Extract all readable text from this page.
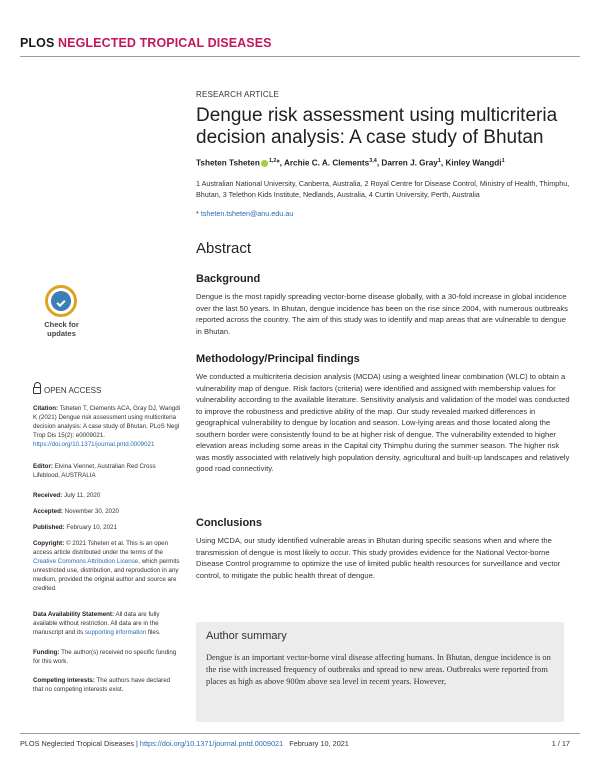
PLOS NEGLECTED TROPICAL DISEASES
RESEARCH ARTICLE
Dengue risk assessment using multicriteria decision analysis: A case study of Bhutan
Tsheten Tsheten $^{1,2}$*, Archie C. A. Clements$^{3,4}$, Darren J. Gray$^1$, Kinley Wangdi$^1$
1 Australian National University, Canberra, Australia, 2 Royal Centre for Disease Control, Ministry of Health, Thimphu, Bhutan, 3 Telethon Kids Institute, Nedlands, Australia, 4 Curtin University, Perth, Australia
* tsheten.tsheten@anu.edu.au
Abstract
Background
Dengue is the most rapidly spreading vector-borne disease globally, with a 30-fold increase in global incidence over the last 50 years. In Bhutan, dengue incidence has been on the rise since 2004, with numerous outbreaks reported across the country. The aim of this study was to identify and map areas that are vulnerable to dengue in Bhutan.
Methodology/Principal findings
We conducted a multicriteria decision analysis (MCDA) using a weighted linear combination (WLC) to obtain a vulnerability map of dengue. Risk factors (criteria) were identified and assigned with membership values for vulnerability according to the available literature. Sensitivity analysis and validation of the model was conducted to improve the robustness and predictive ability of the map. Our study revealed marked differences in geographical vulnerability to dengue by location and season. Low-lying areas and those located along the southern border were consistently found to be at higher risk of dengue. The vulnerability extended to higher elevation areas including some areas in the Capital city Thimphu during the summer season. The higher risk was mostly associated with relatively high population density, agricultural and built-up landscapes and relatively good road connectivity.
Conclusions
Using MCDA, our study identified vulnerable areas in Bhutan during specific seasons when and where the transmission of dengue is most likely to occur. This study provides evidence for the National Vector-borne Disease Control programme to optimize the use of limited public health resources for surveillance and vector control, to mitigate the public health threat of dengue.
Author summary
Dengue is an important vector-borne viral disease affecting humans. In Bhutan, dengue incidence is on the rise with increased frequency of outbreaks and spread to new areas. Outbreaks were reported from places as high as above 900m above sea level in recent years. However,
Check for updates
OPEN ACCESS
Citation: Tsheten T, Clements ACA, Gray DJ, Wangdi K (2021) Dengue risk assessment using multicriteria decision analysis: A case study of Bhutan. PLoS Negl Trop Dis 15(2): e0009021. https://doi.org/10.1371/journal.pntd.0009021
Editor: Elvina Viennet, Australian Red Cross Lifeblood, AUSTRALIA
Received: July 11, 2020
Accepted: November 30, 2020
Published: February 10, 2021
Copyright: © 2021 Tsheten et al. This is an open access article distributed under the terms of the Creative Commons Attribution License, which permits unrestricted use, distribution, and reproduction in any medium, provided the original author and source are credited.
Data Availability Statement: All data are fully available without restriction. All data are in the manuscript and its supporting information files.
Funding: The author(s) received no specific funding for this work.
Competing interests: The authors have declared that no competing interests exist.
PLOS Neglected Tropical Diseases | https://doi.org/10.1371/journal.pntd.0009021 February 10, 2021	1 / 17
